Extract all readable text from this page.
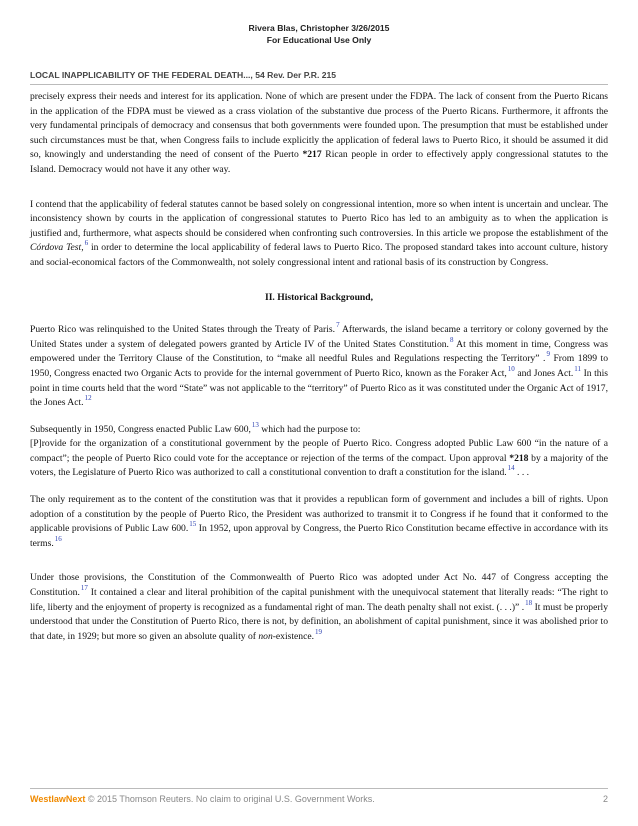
Rivera Blas, Christopher 3/26/2015
For Educational Use Only
LOCAL INAPPLICABILITY OF THE FEDERAL DEATH..., 54 Rev. Der P.R. 215

precisely express their needs and interest for its application. None of which are present under the FDPA. The lack of consent from the Puerto Ricans in the application of the FDPA must be viewed as a crass violation of the substantive due process of the Puerto Ricans. Furthermore, it affronts the very fundamental principals of democracy and consensus that both governments were founded upon. The presumption that must be established under such circumstances must be that, when Congress fails to include explicitly the application of federal laws to Puerto Rico, it should be assumed it did so, knowingly and understanding the need of consent of the Puerto *217 Rican people in order to effectively apply congressional statutes to the Island. Democracy would not have it any other way.

I contend that the applicability of federal statutes cannot be based solely on congressional intention, more so when intent is uncertain and unclear. The inconsistency shown by courts in the application of congressional statutes to Puerto Rico has led to an ambiguity as to when the application is justified and, furthermore, what aspects should be considered when confronting such controversies. In this article we propose the establishment of the Córdova Test,$^6$ in order to determine the local applicability of federal laws to Puerto Rico. The proposed standard takes into account culture, history and social-economical factors of the Commonwealth, not solely congressional intent and rational basis of its construction by Congress.

II. Historical Background,

Puerto Rico was relinquished to the United States through the Treaty of Paris.$^7$ Afterwards, the island became a territory or colony governed by the United States under a system of delegated powers granted by Article IV of the United States Constitution.$^8$ At this moment in time, Congress was empowered under the Territory Clause of the Constitution, to “make all needful Rules and Regulations respecting the Territory” .$^9$ From 1899 to 1950, Congress enacted two Organic Acts to provide for the internal government of Puerto Rico, known as the Foraker Act,$^{10}$ and Jones Act.$^{11}$ In this point in time courts held that the word “State” was not applicable to the “territory” of Puerto Rico as it was constituted under the Organic Act of 1917, the Jones Act.$^{12}$

Subsequently in 1950, Congress enacted Public Law 600,13 which had the purpose to:
[P]rovide for the organization of a constitutional government by the people of Puerto Rico. Congress adopted Public Law 600 “in the nature of a compact”; the people of Puerto Rico could vote for the acceptance or rejection of the terms of the compact. Upon approval *218 by a majority of the voters, the Legislature of Puerto Rico was authorized to call a constitutional convention to draft a constitution for the island.$^{14}$ . . .

The only requirement as to the content of the constitution was that it provides a republican form of government and includes a bill of rights. Upon adoption of a constitution by the people of Puerto Rico, the President was authorized to transmit it to Congress if he found that it conformed to the applicable provisions of Public Law 600.15 In 1952, upon approval by Congress, the Puerto Rico Constitution became effective in accordance with its terms.$^{16}$

Under those provisions, the Constitution of the Commonwealth of Puerto Rico was adopted under Act No. 447 of Congress accepting the Constitution.$^{17}$ It contained a clear and literal prohibition of the capital punishment with the unequivocal statement that literally reads: “The right to life, liberty and the enjoyment of property is recognized as a fundamental right of man. The death penalty shall not exist. (. . .)” .$^{18}$ It must be properly understood that under the Constitution of Puerto Rico, there is not, by definition, an abolishment of capital punishment, since it was abolished prior to that date, in 1929; but more so given an absolute quality of non-existence.$^{19}$

WestlawNext © 2015 Thomson Reuters. No claim to original U.S. Government Works.	2
